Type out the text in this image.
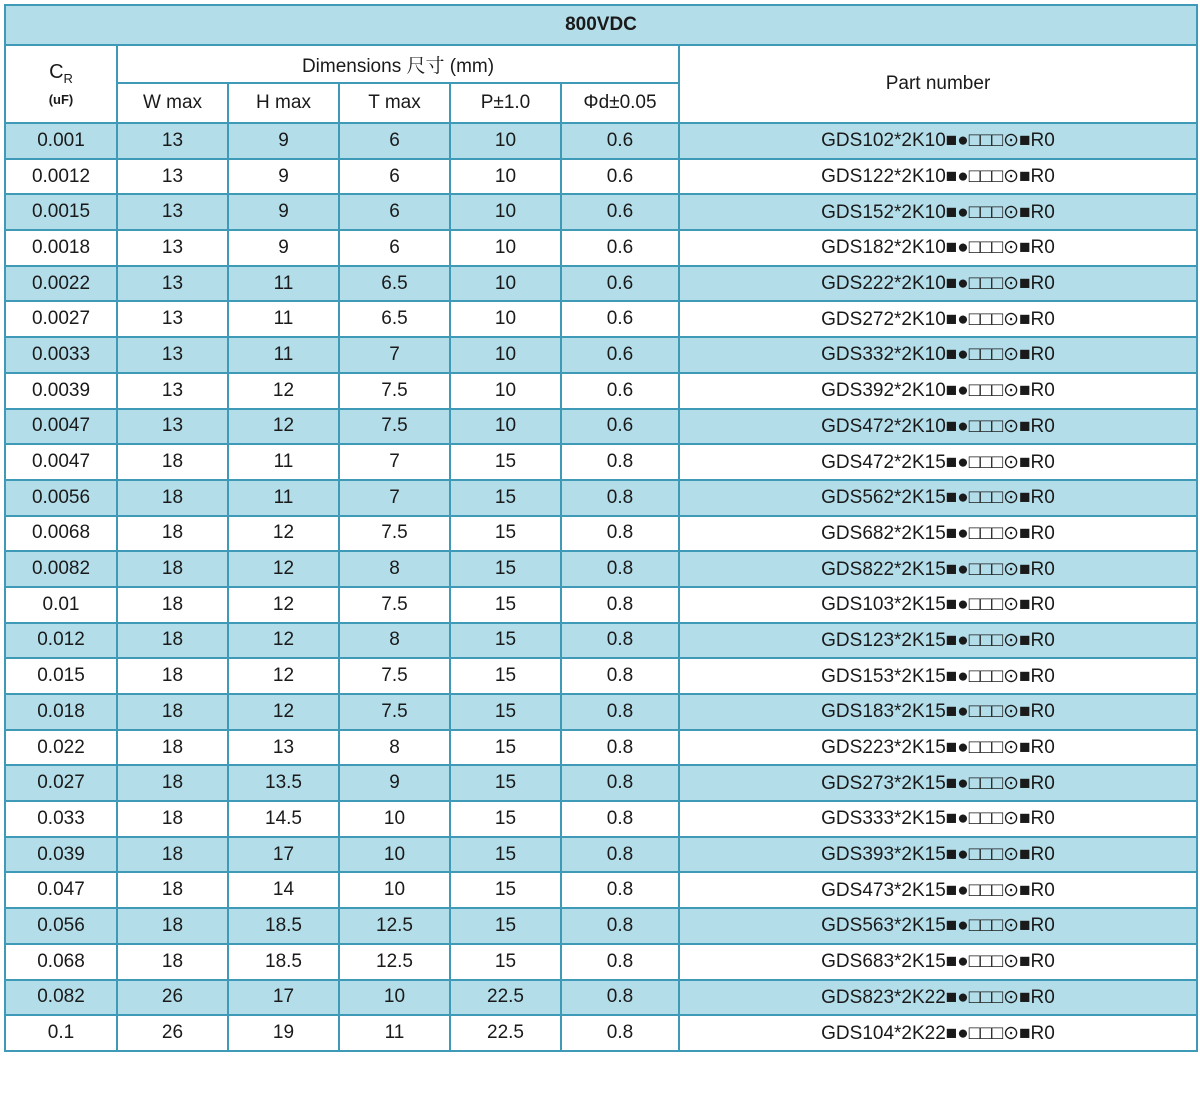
800VDC						
$C_R$
(uF)	Dimensions 尺寸 (mm)					Part number
	W max	H max	T max	P±1.0	Φd±0.05	
0.001	13	9	6	10	0.6	GDS102*2K10■●□□□⊙■R0
0.0012	13	9	6	10	0.6	GDS122*2K10■●□□□⊙■R0
0.0015	13	9	6	10	0.6	GDS152*2K10■●□□□⊙■R0
0.0018	13	9	6	10	0.6	GDS182*2K10■●□□□⊙■R0
0.0022	13	11	6.5	10	0.6	GDS222*2K10■●□□□⊙■R0
0.0027	13	11	6.5	10	0.6	GDS272*2K10■●□□□⊙■R0
0.0033	13	11	7	10	0.6	GDS332*2K10■●□□□⊙■R0
0.0039	13	12	7.5	10	0.6	GDS392*2K10■●□□□⊙■R0
0.0047	13	12	7.5	10	0.6	GDS472*2K10■●□□□⊙■R0
0.0047	18	11	7	15	0.8	GDS472*2K15■●□□□⊙■R0
0.0056	18	11	7	15	0.8	GDS562*2K15■●□□□⊙■R0
0.0068	18	12	7.5	15	0.8	GDS682*2K15■●□□□⊙■R0
0.0082	18	12	8	15	0.8	GDS822*2K15■●□□□⊙■R0
0.01	18	12	7.5	15	0.8	GDS103*2K15■●□□□⊙■R0
0.012	18	12	8	15	0.8	GDS123*2K15■●□□□⊙■R0
0.015	18	12	7.5	15	0.8	GDS153*2K15■●□□□⊙■R0
0.018	18	12	7.5	15	0.8	GDS183*2K15■●□□□⊙■R0
0.022	18	13	8	15	0.8	GDS223*2K15■●□□□⊙■R0
0.027	18	13.5	9	15	0.8	GDS273*2K15■●□□□⊙■R0
0.033	18	14.5	10	15	0.8	GDS333*2K15■●□□□⊙■R0
0.039	18	17	10	15	0.8	GDS393*2K15■●□□□⊙■R0
0.047	18	14	10	15	0.8	GDS473*2K15■●□□□⊙■R0
0.056	18	18.5	12.5	15	0.8	GDS563*2K15■●□□□⊙■R0
0.068	18	18.5	12.5	15	0.8	GDS683*2K15■●□□□⊙■R0
0.082	26	17	10	22.5	0.8	GDS823*2K22■●□□□⊙■R0
0.1	26	19	11	22.5	0.8	GDS104*2K22■●□□□⊙■R0
